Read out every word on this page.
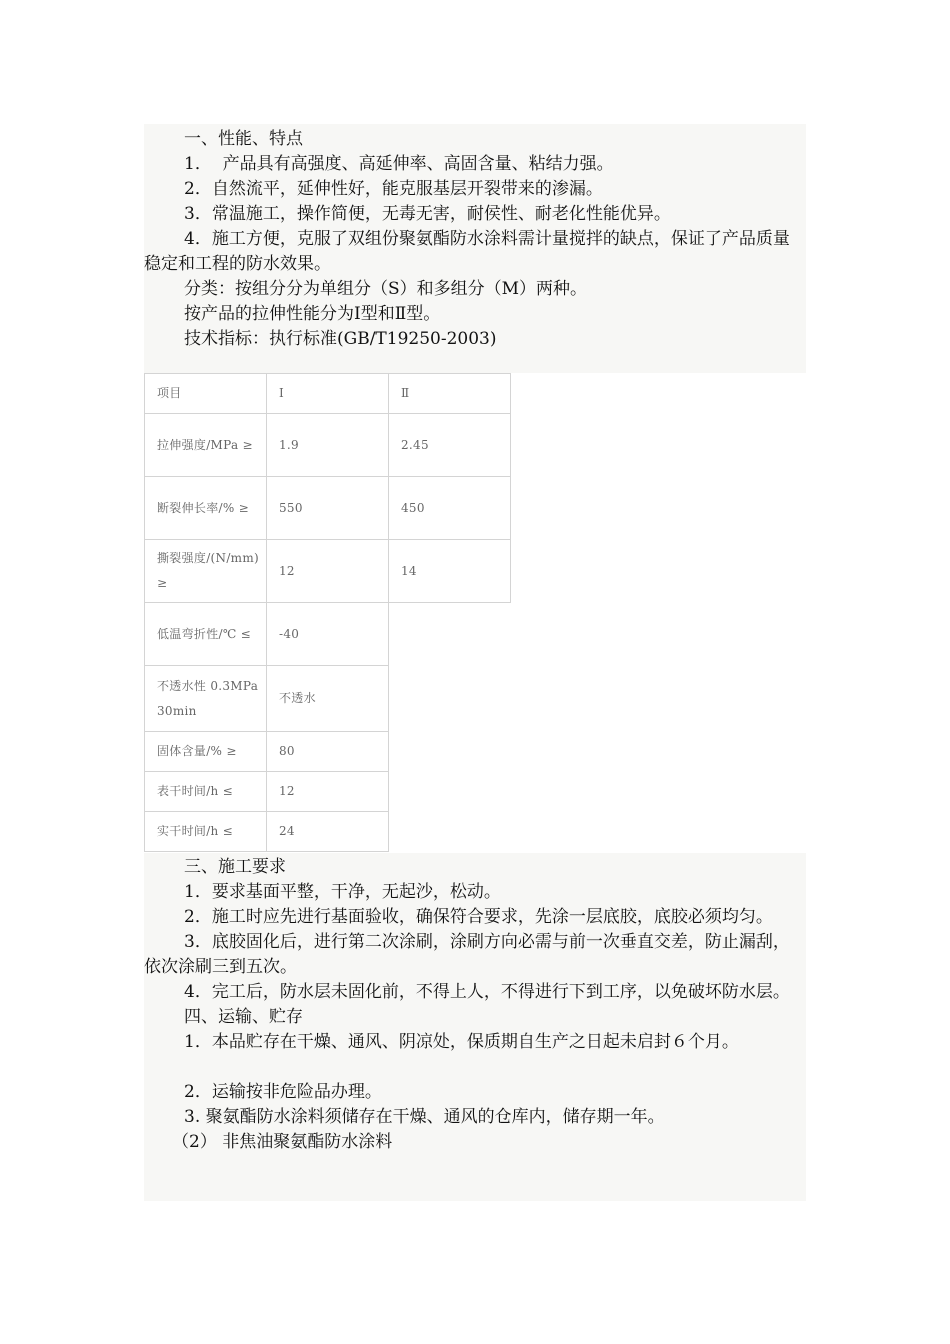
一、性能、特点

1．  产品具有高强度、高延伸率、高固含量、粘结力强。

2．自然流平，延伸性好，能克服基层开裂带来的渗漏。

3．常温施工，操作简便，无毒无害，耐侯性、耐老化性能优异。

4．施工方便，克服了双组份聚氨酯防水涂料需计量搅拌的缺点，保证了产品质量稳定和工程的防水效果。

分类：按组分分为单组分（S）和多组分（M）两种。

按产品的拉伸性能分为Ⅰ型和Ⅱ型。

技术指标：执行标准(GB/T19250-2003)

项目	Ⅰ	Ⅱ
拉伸强度/MPa ≥	1.9	2.45
断裂伸长率/% ≥	550	450
撕裂强度/(N/mm) ≥	12	14
低温弯折性/℃ ≤	-40	
不透水性 0.3MPa 30min	不透水	
固体含量/% ≥	80	
表干时间/h ≤	12	
实干时间/h ≤	24	

三、施工要求

1．要求基面平整，干净，无起沙，松动。

2．施工时应先进行基面验收，确保符合要求，先涂一层底胶，底胶必须均匀。

3．底胶固化后，进行第二次涂刷，涂刷方向必需与前一次垂直交差，防止漏刮，依次涂刷三到五次。

4．完工后，防水层未固化前，不得上人，不得进行下到工序，以免破坏防水层。

四、运输、贮存

1．本品贮存在干燥、通风、阴凉处，保质期自生产之日起未启封６个月。

2．运输按非危险品办理。

3. 聚氨酯防水涂料须储存在干燥、通风的仓库内，储存期一年。

（2） 非焦油聚氨酯防水涂料
